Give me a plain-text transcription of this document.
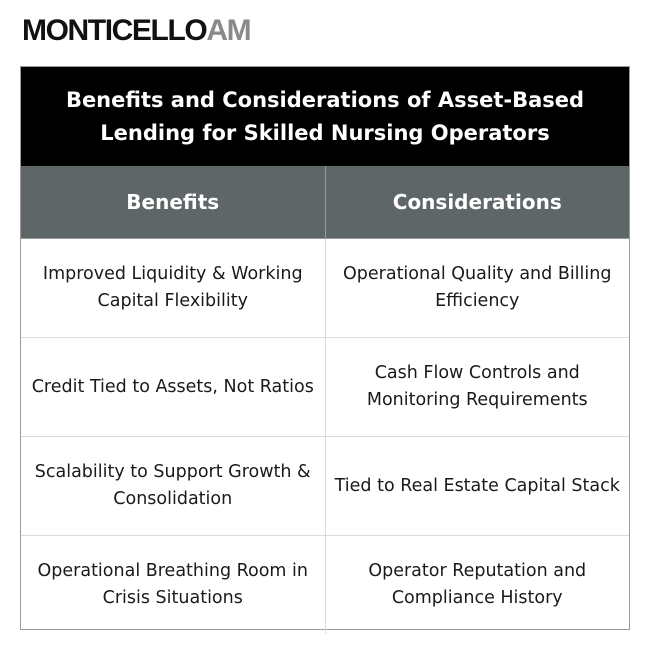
MONTICELLOAM
Benefits and Considerations of Asset-Based Lending for Skilled Nursing Operators
Benefits	Considerations
Improved Liquidity & Working Capital Flexibility
Operational Quality and Billing Efficiency
Credit Tied to Assets, Not Ratios
Cash Flow Controls and Monitoring Requirements
Scalability to Support Growth & Consolidation
Tied to Real Estate Capital Stack
Operational Breathing Room in Crisis Situations
Operator Reputation and Compliance History
